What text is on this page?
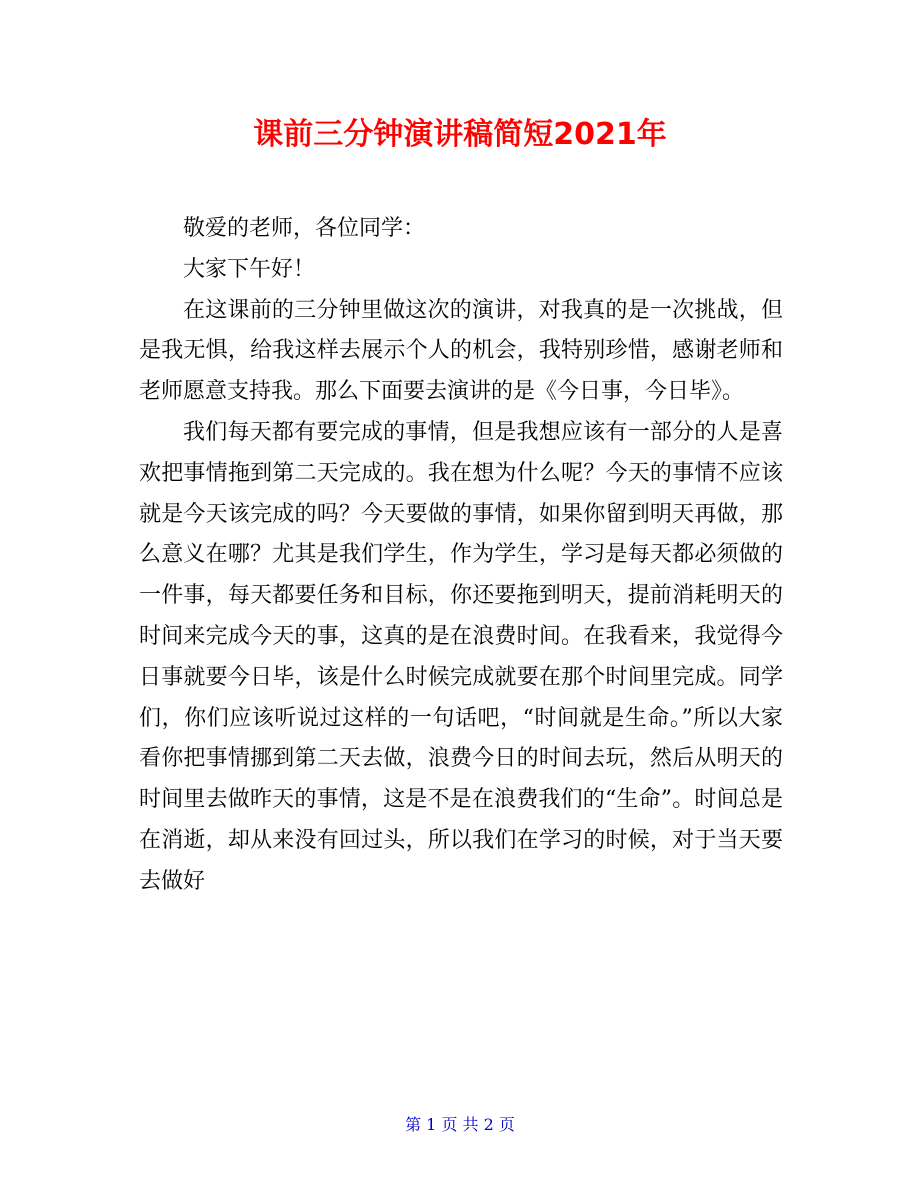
课前三分钟演讲稿简短2021年

敬爱的老师，各位同学：

大家下午好！

在这课前的三分钟里做这次的演讲，对我真的是一次挑战，但是我无惧，给我这样去展示个人的机会，我特别珍惜，感谢老师和老师愿意支持我。那么下面要去演讲的是《今日事，今日毕》。

我们每天都有要完成的事情，但是我想应该有一部分的人是喜欢把事情拖到第二天完成的。我在想为什么呢？今天的事情不应该就是今天该完成的吗？今天要做的事情，如果你留到明天再做，那么意义在哪？尤其是我们学生，作为学生，学习是每天都必须做的一件事，每天都要任务和目标，你还要拖到明天，提前消耗明天的时间来完成今天的事，这真的是在浪费时间。在我看来，我觉得今日事就要今日毕，该是什么时候完成就要在那个时间里完成。同学们，你们应该听说过这样的一句话吧，“时间就是生命。”所以大家看你把事情挪到第二天去做，浪费今日的时间去玩，然后从明天的时间里去做昨天的事情，这是不是在浪费我们的“生命”。时间总是在消逝，却从来没有回过头，所以我们在学习的时候，对于当天要去做好

第 1 页 共 2 页
